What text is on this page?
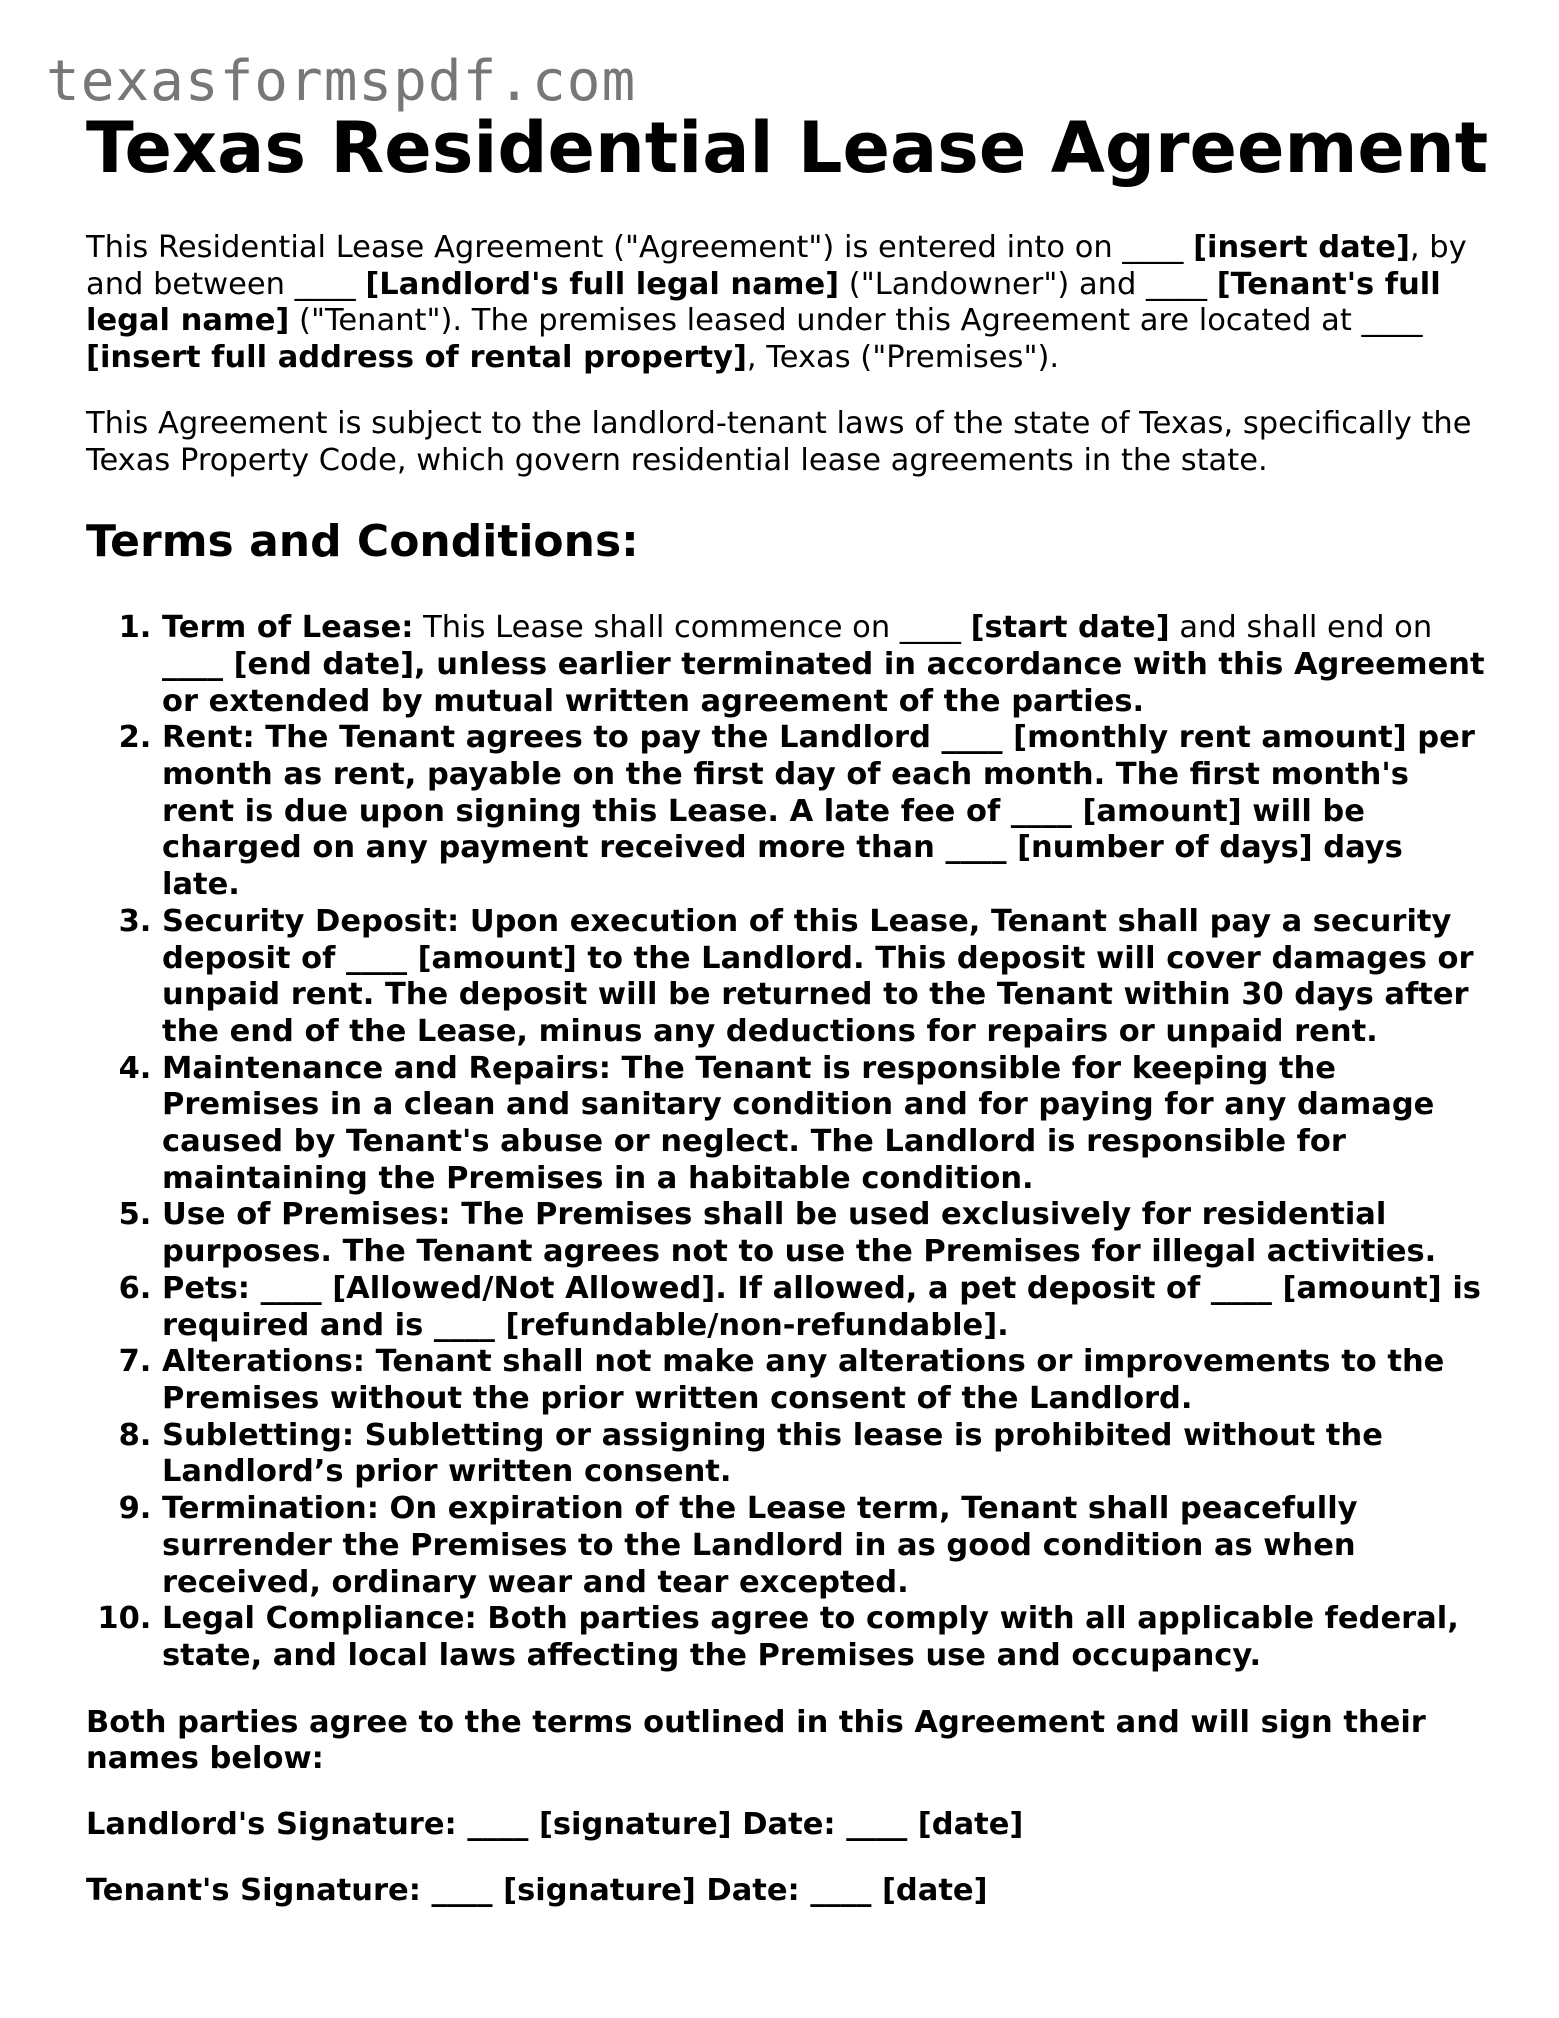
texasformspdf.com
Texas Residential Lease Agreement

This Residential Lease Agreement ("Agreement") is entered into on ____ [insert date], by and between ____ [Landlord's full legal name] ("Landowner") and ____ [Tenant's full legal name] ("Tenant"). The premises leased under this Agreement are located at ____ [insert full address of rental property], Texas ("Premises").

This Agreement is subject to the landlord-tenant laws of the state of Texas, specifically the Texas Property Code, which govern residential lease agreements in the state.

Terms and Conditions:
1. Term of Lease: This Lease shall commence on ____ [start date] and shall end on ____ [end date], unless earlier terminated in accordance with this Agreement or extended by mutual written agreement of the parties.
2. Rent: The Tenant agrees to pay the Landlord ____ [monthly rent amount] per month as rent, payable on the first day of each month. The first month's rent is due upon signing this Lease. A late fee of ____ [amount] will be charged on any payment received more than ____ [number of days] days late.
3. Security Deposit: Upon execution of this Lease, Tenant shall pay a security deposit of ____ [amount] to the Landlord. This deposit will cover damages or unpaid rent. The deposit will be returned to the Tenant within 30 days after the end of the Lease, minus any deductions for repairs or unpaid rent.
4. Maintenance and Repairs: The Tenant is responsible for keeping the Premises in a clean and sanitary condition and for paying for any damage caused by Tenant's abuse or neglect. The Landlord is responsible for maintaining the Premises in a habitable condition.
5. Use of Premises: The Premises shall be used exclusively for residential purposes. The Tenant agrees not to use the Premises for illegal activities.
6. Pets: ____ [Allowed/Not Allowed]. If allowed, a pet deposit of ____ [amount] is required and is ____ [refundable/non-refundable].
7. Alterations: Tenant shall not make any alterations or improvements to the Premises without the prior written consent of the Landlord.
8. Subletting: Subletting or assigning this lease is prohibited without the Landlord’s prior written consent.
9. Termination: On expiration of the Lease term, Tenant shall peacefully surrender the Premises to the Landlord in as good condition as when received, ordinary wear and tear excepted.
10. Legal Compliance: Both parties agree to comply with all applicable federal, state, and local laws affecting the Premises use and occupancy.

Both parties agree to the terms outlined in this Agreement and will sign their names below:

Landlord's Signature: ____ [signature] Date: ____ [date]

Tenant's Signature: ____ [signature] Date: ____ [date]
